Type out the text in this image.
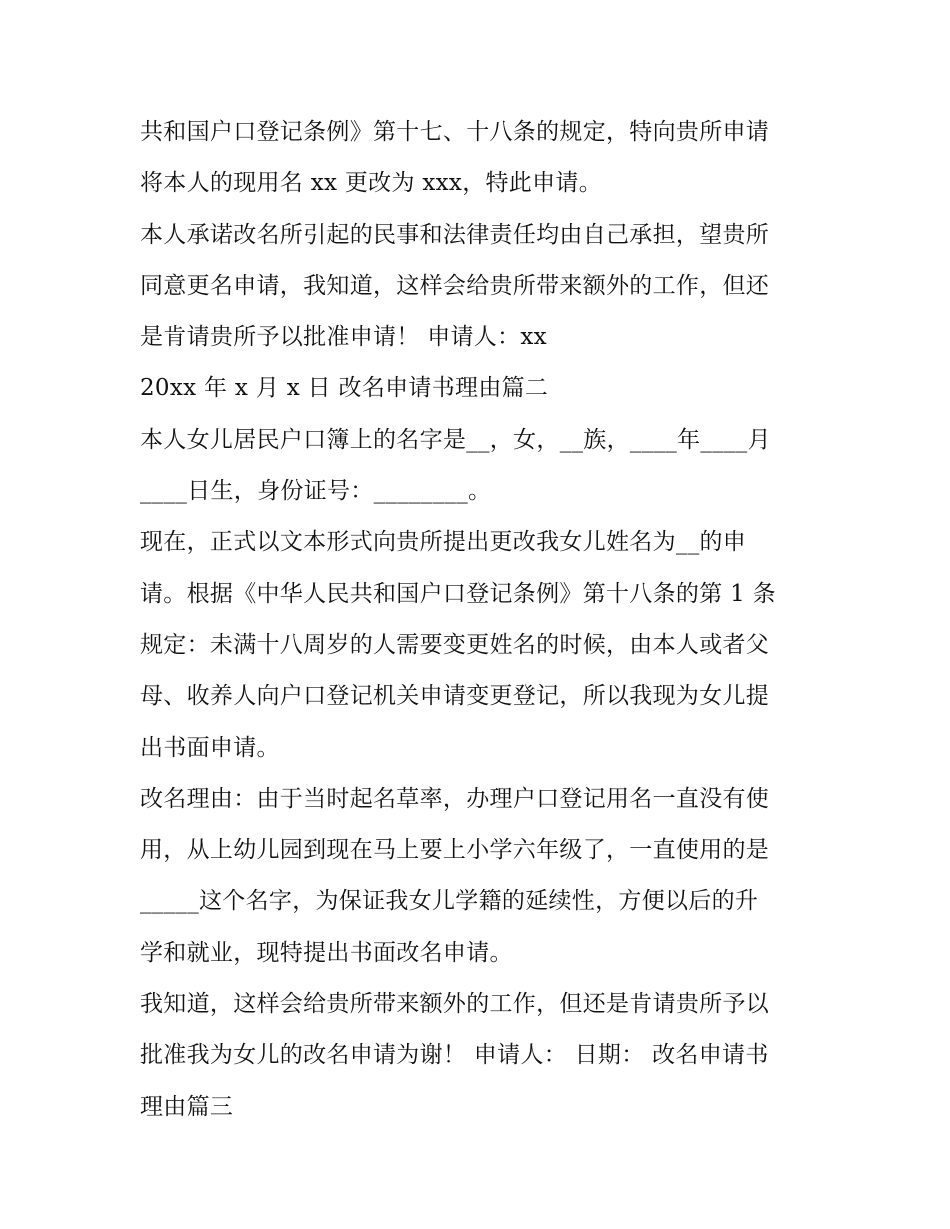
共和国户口登记条例》第十七、十八条的规定，特向贵所申请
将本人的现用名 xx 更改为 xxx，特此申请。
本人承诺改名所引起的民事和法律责任均由自己承担，望贵所
同意更名申请，我知道，这样会给贵所带来额外的工作，但还
是肯请贵所予以批准申请！ 申请人：xx
20xx 年 x 月 x 日 改名申请书理由篇二
本人女儿居民户口簿上的名字是__，女，__族，____年____月
____日生，身份证号：________。
现在，正式以文本形式向贵所提出更改我女儿姓名为__的申
请。根据《中华人民共和国户口登记条例》第十八条的第 1 条
规定：未满十八周岁的人需要变更姓名的时候，由本人或者父
母、收养人向户口登记机关申请变更登记，所以我现为女儿提
出书面申请。
改名理由：由于当时起名草率，办理户口登记用名一直没有使
用，从上幼儿园到现在马上要上小学六年级了，一直使用的是
_____这个名字，为保证我女儿学籍的延续性，方便以后的升
学和就业，现特提出书面改名申请。
我知道，这样会给贵所带来额外的工作，但还是肯请贵所予以
批准我为女儿的改名申请为谢！ 申请人： 日期： 改名申请书
理由篇三
